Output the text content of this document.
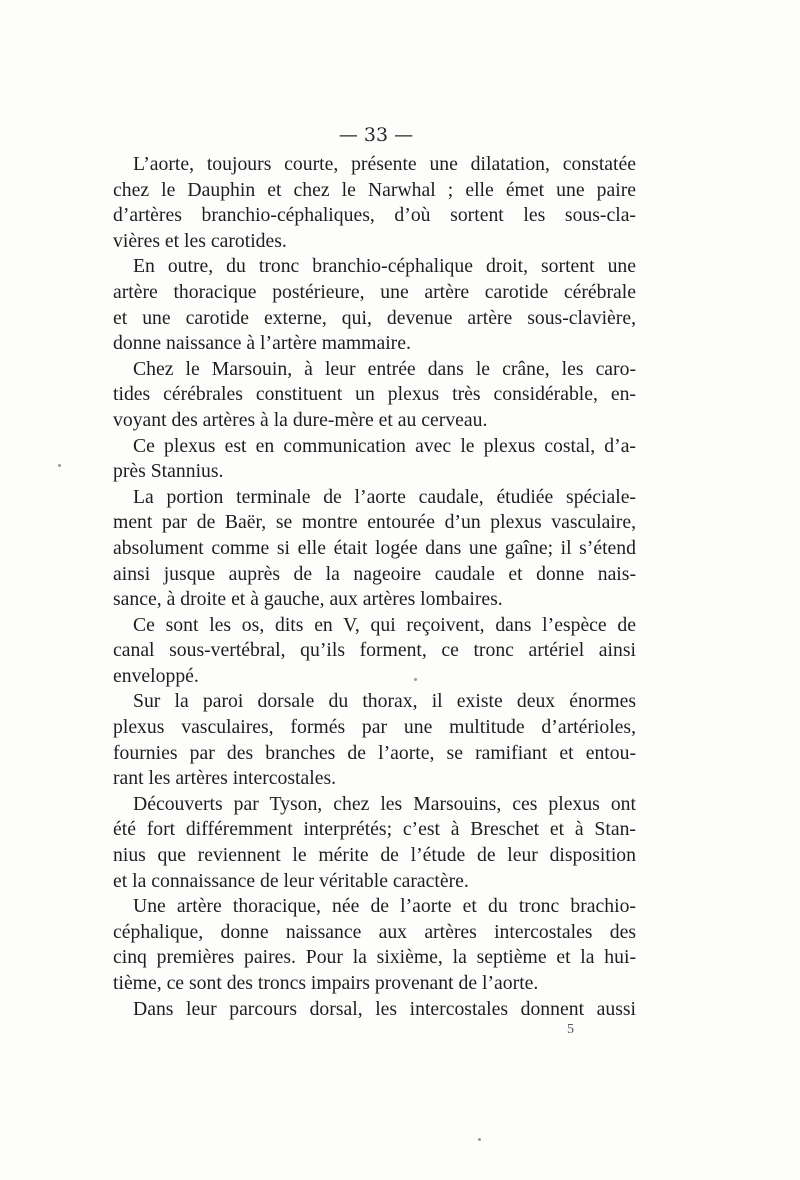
— 33 —
L’aorte, toujours courte, présente une dilatation, constatée
chez le Dauphin et chez le Narwhal ; elle émet une paire
d’artères branchio-céphaliques, d’où sortent les sous-cla-
vières et les carotides.
En outre, du tronc branchio-céphalique droit, sortent une
artère thoracique postérieure, une artère carotide cérébrale
et une carotide externe, qui, devenue artère sous-clavière,
donne naissance à l’artère mammaire.
Chez le Marsouin, à leur entrée dans le crâne, les caro-
tides cérébrales constituent un plexus très considérable, en-
voyant des artères à la dure-mère et au cerveau.
Ce plexus est en communication avec le plexus costal, d’a-
près Stannius.
La portion terminale de l’aorte caudale, étudiée spéciale-
ment par de Baër, se montre entourée d’un plexus vasculaire,
absolument comme si elle était logée dans une gaîne; il s’étend
ainsi jusque auprès de la nageoire caudale et donne nais-
sance, à droite et à gauche, aux artères lombaires.
Ce sont les os, dits en V, qui reçoivent, dans l’espèce de
canal sous-vertébral, qu’ils forment, ce tronc artériel ainsi
enveloppé.
Sur la paroi dorsale du thorax, il existe deux énormes
plexus vasculaires, formés par une multitude d’artérioles,
fournies par des branches de l’aorte, se ramifiant et entou-
rant les artères intercostales.
Découverts par Tyson, chez les Marsouins, ces plexus ont
été fort différemment interprétés; c’est à Breschet et à Stan-
nius que reviennent le mérite de l’étude de leur disposition
et la connaissance de leur véritable caractère.
Une artère thoracique, née de l’aorte et du tronc brachio-
céphalique, donne naissance aux artères intercostales des
cinq premières paires. Pour la sixième, la septième et la hui-
tième, ce sont des troncs impairs provenant de l’aorte.
Dans leur parcours dorsal, les intercostales donnent aussi
5
